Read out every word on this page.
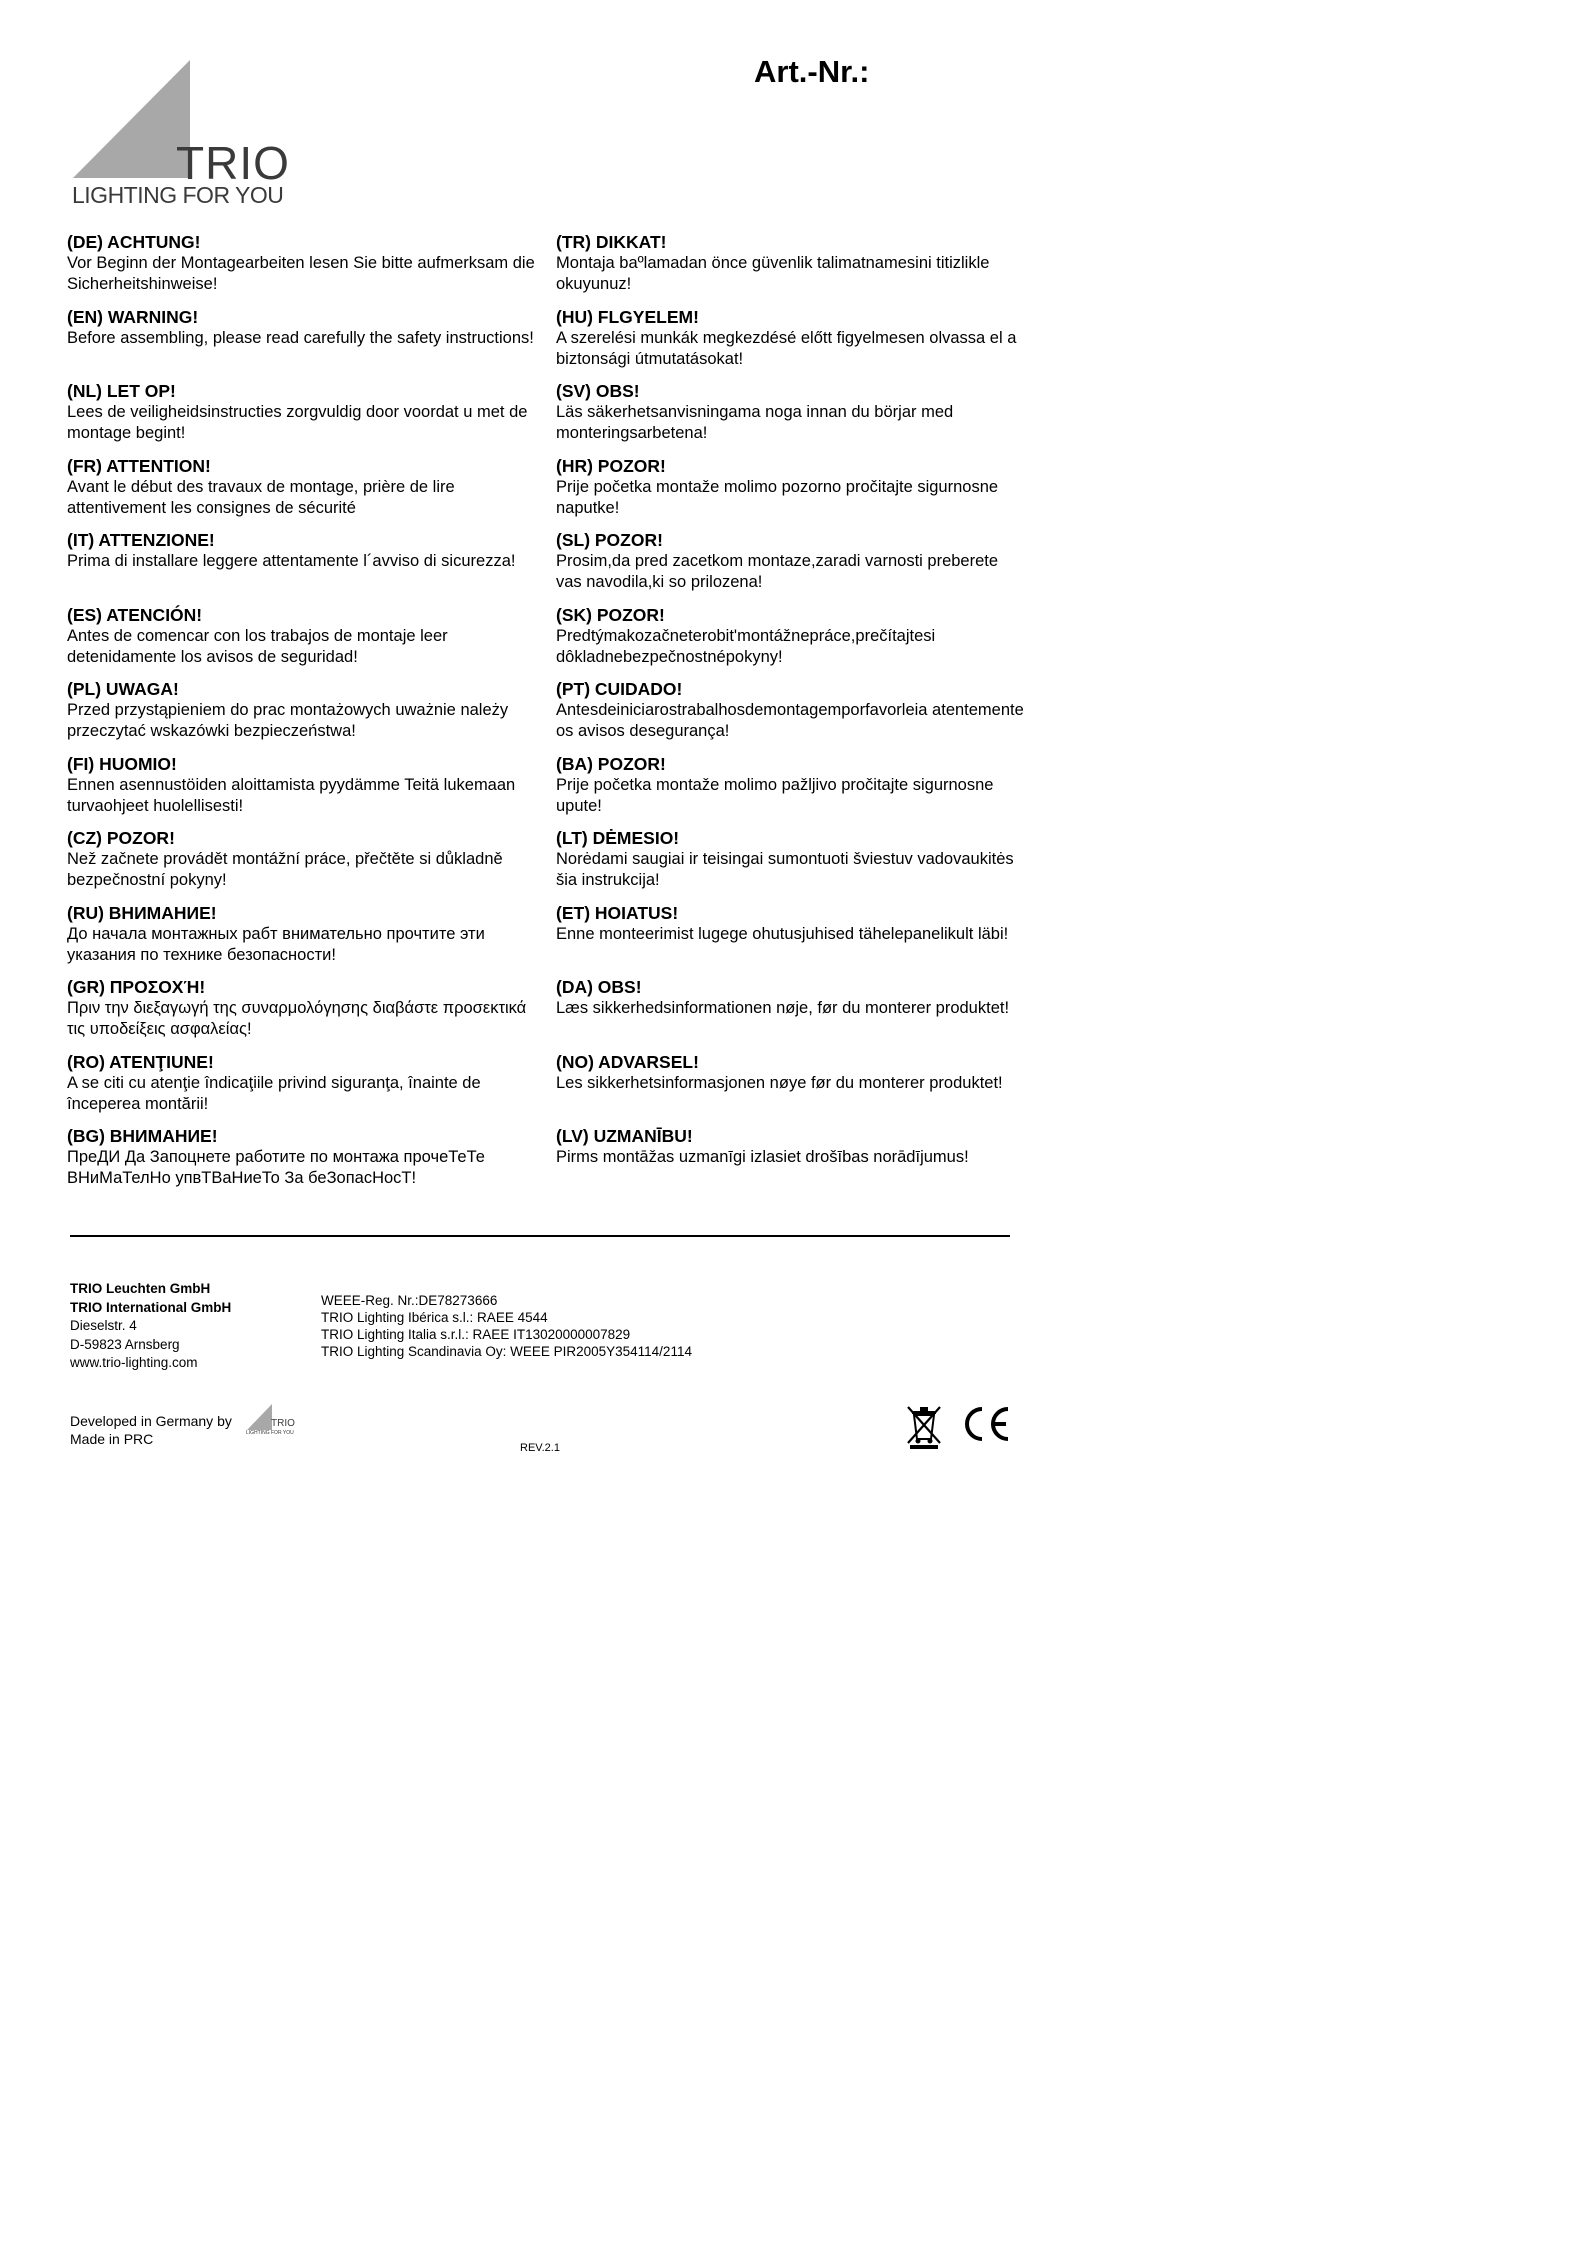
Art.-Nr.:
TRIO
LIGHTING FOR YOU
(DE) ACHTUNG!
Vor Beginn der Montagearbeiten lesen Sie bitte aufmerksam die Sicherheitshinweise!
(EN) WARNING!
Before assembling, please read carefully the safety instructions!
(NL) LET OP!
Lees de veiligheidsinstructies zorgvuldig door voordat u met de montage begint!
(FR) ATTENTION!
Avant le début des travaux de montage, prière de lire attentivement les consignes de sécurité
(IT) ATTENZIONE!
Prima di installare leggere attentamente l´avviso di sicurezza!
(ES) ATENCIÓN!
Antes de comencar con los trabajos de montaje leer detenidamente los avisos de seguridad!
(PL) UWAGA!
Przed przystąpieniem do prac montażowych uważnie należy przeczytać wskazówki bezpieczeństwa!
(FI) HUOMIO!
Ennen asennustöiden aloittamista pyydämme Teitä lukemaan turvaohjeet huolellisesti!
(CZ) POZOR!
Než začnete provádět montážní práce, přečtěte si důkladně bezpečnostní pokyny!
(RU) ВНИМАНИЕ!
До начала монтажных рабт внимательно прочтите эти указания по технике безопасности!
(GR) ΠΡΟΣΟΧΉ!
Πριν την διεξαγωγή της συναρμολόγησης διαβάστε προσεκτικά τις υποδείξεις ασφαλείας!
(RO) ATENŢIUNE!
A se citi cu atenţie îndicaţiile privind siguranţa, înainte de începerea montării!
(BG) ВНИМАНИЕ!
ПреДИ Да Запоцнете работите по монтажа прочеТеТе ВНиМаТелНо упвТВаНиеТо За беЗопасНосТ!
(TR) DIKKAT!
Montaja baºlamadan önce güvenlik talimatnamesini titizlikle okuyunuz!
(HU) FLGYELEM!
A szerelési munkák megkezdésé előtt figyelmesen olvassa el a biztonsági útmutatásokat!
(SV) OBS!
Läs säkerhetsanvisningama noga innan du börjar med monteringsarbetena!
(HR) POZOR!
Prije početka montaže molimo pozorno pročitajte sigurnosne naputke!
(SL) POZOR!
Prosim,da pred zacetkom montaze,zaradi varnosti preberete vas navodila,ki so prilozena!
(SK) POZOR!
Predtýmakozačneterobit'montážnepráce,prečítajtesi dôkladnebezpečnostnépokyny!
(PT) CUIDADO!
Antesdeiniciarostrabalhosdemontagemporfavorleia atentemente os avisos desegurança!
(BA) POZOR!
Prije početka montaže molimo pažljivo pročitajte sigurnosne upute!
(LT) DĖMESIO!
Norėdami saugiai ir teisingai sumontuoti šviestuv vadovaukitės šia instrukcija!
(ET) HOIATUS!
Enne monteerimist lugege ohutusjuhised tähelepanelikult läbi!
(DA) OBS!
Læs sikkerhedsinformationen nøje, før du monterer produktet!
(NO) ADVARSEL!
Les sikkerhetsinformasjonen nøye før du monterer produktet!
(LV) UZMANĪBU!
Pirms montāžas uzmanīgi izlasiet drošības norādījumus!
TRIO Leuchten GmbH
TRIO International GmbH
Dieselstr. 4
D-59823 Arnsberg
www.trio-lighting.com
WEEE-Reg. Nr.:DE78273666
TRIO Lighting Ibérica s.l.: RAEE 4544
TRIO Lighting Italia s.r.l.: RAEE IT13020000007829
TRIO Lighting Scandinavia Oy: WEEE PIR2005Y354114/2114
Developed in Germany by
Made in PRC
TRIO
LIGHTING FOR YOU
REV.2.1
